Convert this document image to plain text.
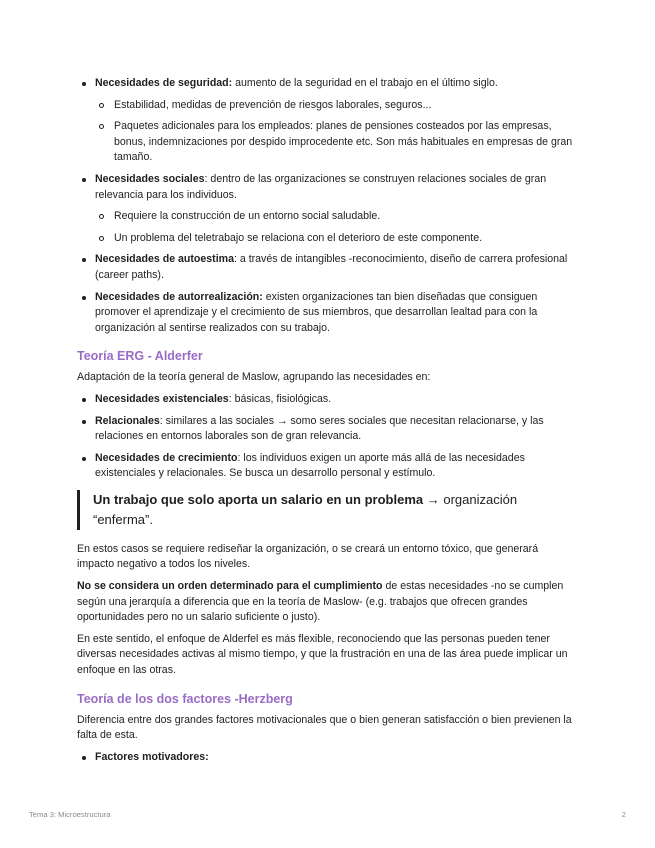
Necesidades de seguridad: aumento de la seguridad en el trabajo en el último siglo.
Estabilidad, medidas de prevención de riesgos laborales, seguros...
Paquetes adicionales para los empleados: planes de pensiones costeados por las empresas, bonus, indemnizaciones por despido improcedente etc. Son más habituales en empresas de gran tamaño.
Necesidades sociales: dentro de las organizaciones se construyen relaciones sociales de gran relevancia para los individuos.
Requiere la construcción de un entorno social saludable.
Un problema del teletrabajo se relaciona con el deterioro de este componente.
Necesidades de autoestima: a través de intangibles -reconocimiento, diseño de carrera profesional (career paths).
Necesidades de autorrealización: existen organizaciones tan bien diseñadas que consiguen promover el aprendizaje y el crecimiento de sus miembros, que desarrollan lealtad para con la organización al sentirse realizados con su trabajo.
Teoría ERG - Alderfer

Adaptación de la teoría general de Maslow, agrupando las necesidades en:

Necesidades existenciales: básicas, fisiológicas.
Relacionales: similares a las sociales → somo seres sociales que necesitan relacionarse, y las relaciones en entornos laborales son de gran relevancia.
Necesidades de crecimiento: los individuos exigen un aporte más allá de las necesidades existenciales y relacionales. Se busca un desarrollo personal y estímulo.
Un trabajo que solo aporta un salario en un problema → organización “enferma”.

En estos casos se requiere rediseñar la organización, o se creará un entorno tóxico, que generará impacto negativo a todos los niveles.

No se considera un orden determinado para el cumplimiento de estas necesidades -no se cumplen según una jerarquía a diferencia que en la teoría de Maslow- (e.g. trabajos que ofrecen grandes oportunidades pero no un salario suficiente o justo).

En este sentido, el enfoque de Alderfel es más flexible, reconociendo que las personas pueden tener diversas necesidades activas al mismo tiempo, y que la frustración en una de las área puede implicar un enfoque en las otras.

Teoría de los dos factores -Herzberg

Diferencia entre dos grandes factores motivacionales que o bien generan satisfacción o bien previenen la falta de esta.

Factores motivadores:
Tema 3: Microestructura	2
